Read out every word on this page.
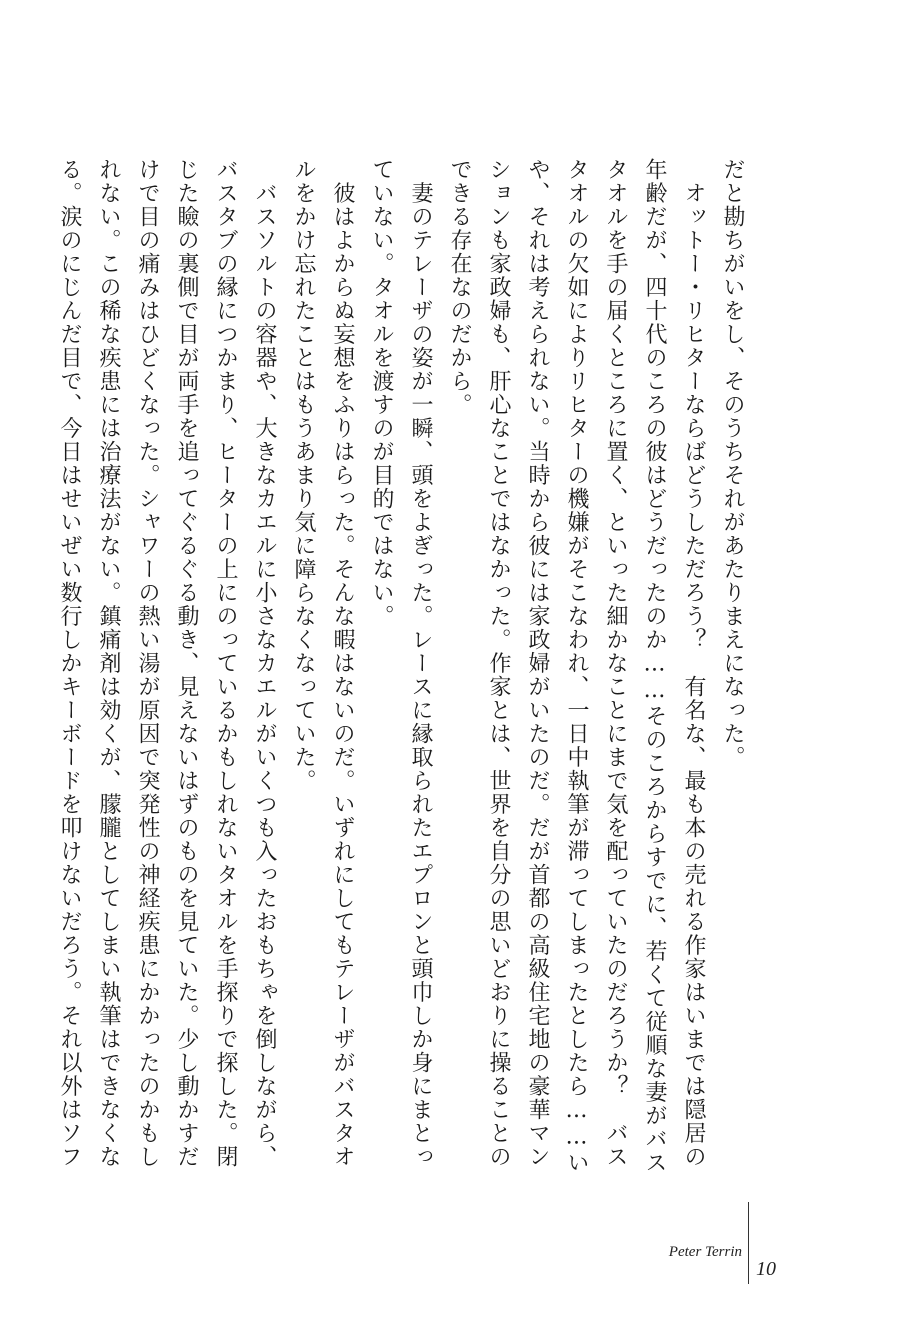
だと勘ちがいをし、そのうちそれがあたりまえになった。
　オットー・リヒターならばどうしただろう？　有名な、最も本の売れる作家はいまでは隠居の
年齢だが、四十代のころの彼はどうだったのか……そのころからすでに、若くて従順な妻がバス
タオルを手の届くところに置く、といった細かなことにまで気を配っていたのだろうか？　バス
タオルの欠如によりリヒターの機嫌がそこなわれ、一日中執筆が滞ってしまったとしたら……い
や、それは考えられない。当時から彼には家政婦がいたのだ。だが首都の高級住宅地の豪華マン
ションも家政婦も、肝心なことではなかった。作家とは、世界を自分の思いどおりに操ることの
できる存在なのだから。
　妻のテレーザの姿が一瞬、頭をよぎった。レースに縁取られたエプロンと頭巾しか身にまとっ
ていない。タオルを渡すのが目的ではない。
　彼はよからぬ妄想をふりはらった。そんな暇はないのだ。いずれにしてもテレーザがバスタオ
ルをかけ忘れたことはもうあまり気に障らなくなっていた。
　バスソルトの容器や、大きなカエルに小さなカエルがいくつも入ったおもちゃを倒しながら、
バスタブの縁につかまり、ヒーターの上にのっているかもしれないタオルを手探りで探した。閉
じた瞼の裏側で目が両手を追ってぐるぐる動き、見えないはずのものを見ていた。少し動かすだ
けで目の痛みはひどくなった。シャワーの熱い湯が原因で突発性の神経疾患にかかったのかもし
れない。この稀な疾患には治療法がない。鎮痛剤は効くが、朦朧としてしまい執筆はできなくな
る。涙のにじんだ目で、今日はせいぜい数行しかキーボードを叩けないだろう。それ以外はソフ
Peter Terrin
10
